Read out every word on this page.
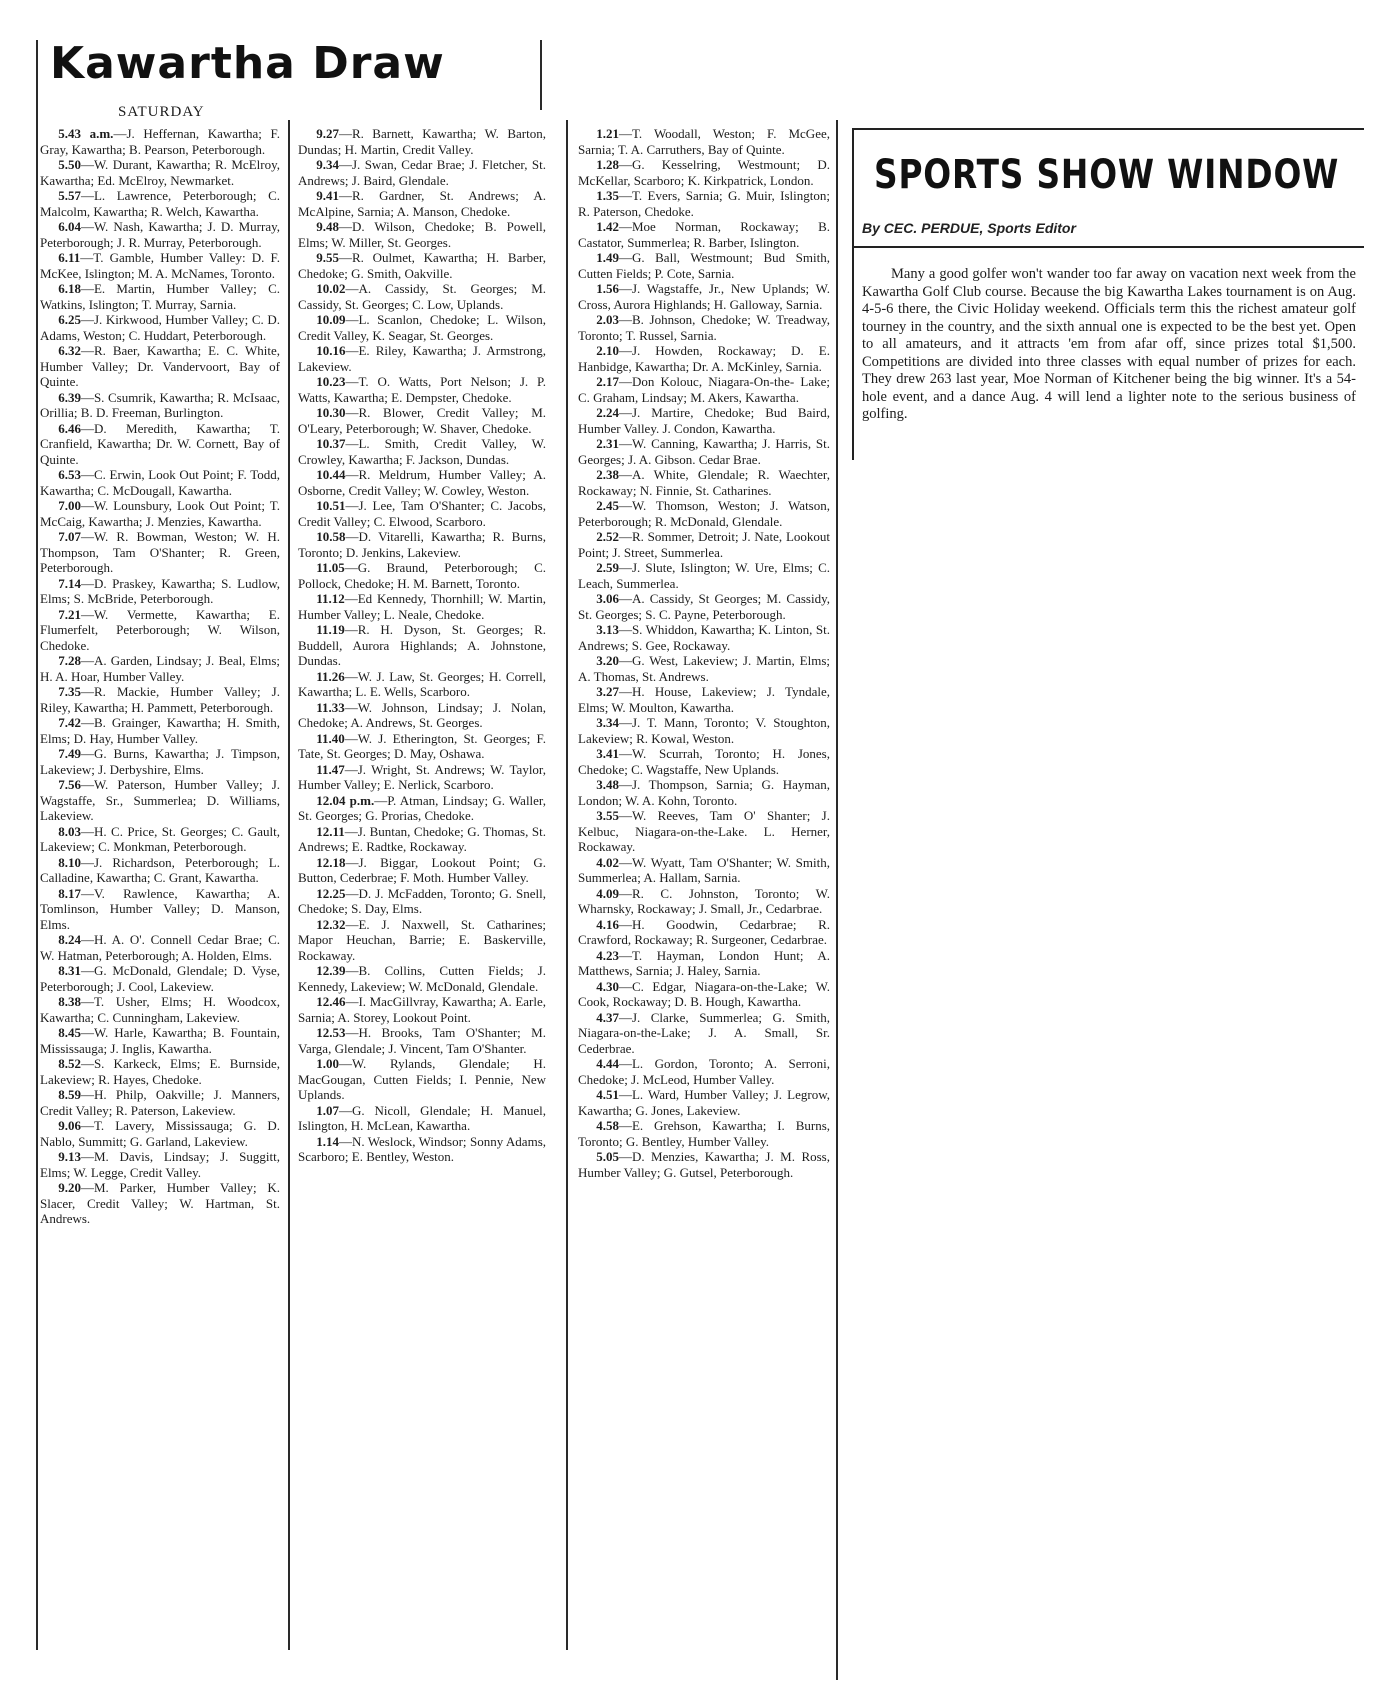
Kawartha Draw
SATURDAY

5.43 a.m.—J. Heffernan, Kawartha; F. Gray, Kawartha; B. Pearson, Peterborough.

5.50—W. Durant, Kawartha; R. McElroy, Kawartha; Ed. McElroy, Newmarket.

5.57—L. Lawrence, Peterborough; C. Malcolm, Kawartha; R. Welch, Kawartha.

6.04—W. Nash, Kawartha; J. D. Murray, Peterborough; J. R. Murray, Peterborough.

6.11—T. Gamble, Humber Valley: D. F. McKee, Islington; M. A. McNames, Toronto.

6.18—E. Martin, Humber Valley; C. Watkins, Islington; T. Murray, Sarnia.

6.25—J. Kirkwood, Humber Valley; C. D. Adams, Weston; C. Huddart, Peterborough.

6.32—R. Baer, Kawartha; E. C. White, Humber Valley; Dr. Vandervoort, Bay of Quinte.

6.39—S. Csumrik, Kawartha; R. McIsaac, Orillia; B. D. Freeman, Burlington.

6.46—D. Meredith, Kawartha; T. Cranfield, Kawartha; Dr. W. Cornett, Bay of Quinte.

6.53—C. Erwin, Look Out Point; F. Todd, Kawartha; C. McDougall, Kawartha.

7.00—W. Lounsbury, Look Out Point; T. McCaig, Kawartha; J. Menzies, Kawartha.

7.07—W. R. Bowman, Weston; W. H. Thompson, Tam O'Shanter; R. Green, Peterborough.

7.14—D. Praskey, Kawartha; S. Ludlow, Elms; S. McBride, Peterborough.

7.21—W. Vermette, Kawartha; E. Flumerfelt, Peterborough; W. Wilson, Chedoke.

7.28—A. Garden, Lindsay; J. Beal, Elms; H. A. Hoar, Humber Valley.

7.35—R. Mackie, Humber Valley; J. Riley, Kawartha; H. Pammett, Peterborough.

7.42—B. Grainger, Kawartha; H. Smith, Elms; D. Hay, Humber Valley.

7.49—G. Burns, Kawartha; J. Timpson, Lakeview; J. Derbyshire, Elms.

7.56—W. Paterson, Humber Valley; J. Wagstaffe, Sr., Summerlea; D. Williams, Lakeview.

8.03—H. C. Price, St. Georges; C. Gault, Lakeview; C. Monkman, Peterborough.

8.10—J. Richardson, Peterborough; L. Calladine, Kawartha; C. Grant, Kawartha.

8.17—V. Rawlence, Kawartha; A. Tomlinson, Humber Valley; D. Manson, Elms.

8.24—H. A. O'. Connell Cedar Brae; C. W. Hatman, Peterborough; A. Holden, Elms.

8.31—G. McDonald, Glendale; D. Vyse, Peterborough; J. Cool, Lakeview.

8.38—T. Usher, Elms; H. Woodcox, Kawartha; C. Cunningham, Lakeview.

8.45—W. Harle, Kawartha; B. Fountain, Mississauga; J. Inglis, Kawartha.

8.52—S. Karkeck, Elms; E. Burnside, Lakeview; R. Hayes, Chedoke.

8.59—H. Philp, Oakville; J. Manners, Credit Valley; R. Paterson, Lakeview.

9.06—T. Lavery, Mississauga; G. D. Nablo, Summitt; G. Garland, Lakeview.

9.13—M. Davis, Lindsay; J. Suggitt, Elms; W. Legge, Credit Valley.

9.20—M. Parker, Humber Valley; K. Slacer, Credit Valley; W. Hartman, St. Andrews.

9.27—R. Barnett, Kawartha; W. Barton, Dundas; H. Martin, Credit Valley.

9.34—J. Swan, Cedar Brae; J. Fletcher, St. Andrews; J. Baird, Glendale.

9.41—R. Gardner, St. Andrews; A. McAlpine, Sarnia; A. Manson, Chedoke.

9.48—D. Wilson, Chedoke; B. Powell, Elms; W. Miller, St. Georges.

9.55—R. Oulmet, Kawartha; H. Barber, Chedoke; G. Smith, Oakville.

10.02—A. Cassidy, St. Georges; M. Cassidy, St. Georges; C. Low, Uplands.

10.09—L. Scanlon, Chedoke; L. Wilson, Credit Valley, K. Seagar, St. Georges.

10.16—E. Riley, Kawartha; J. Armstrong, Lakeview.

10.23—T. O. Watts, Port Nelson; J. P. Watts, Kawartha; E. Dempster, Chedoke.

10.30—R. Blower, Credit Valley; M. O'Leary, Peterborough; W. Shaver, Chedoke.

10.37—L. Smith, Credit Valley, W. Crowley, Kawartha; F. Jackson, Dundas.

10.44—R. Meldrum, Humber Valley; A. Osborne, Credit Valley; W. Cowley, Weston.

10.51—J. Lee, Tam O'Shanter; C. Jacobs, Credit Valley; C. Elwood, Scarboro.

10.58—D. Vitarelli, Kawartha; R. Burns, Toronto; D. Jenkins, Lakeview.

11.05—G. Braund, Peterborough; C. Pollock, Chedoke; H. M. Barnett, Toronto.

11.12—Ed Kennedy, Thornhill; W. Martin, Humber Valley; L. Neale, Chedoke.

11.19—R. H. Dyson, St. Georges; R. Buddell, Aurora Highlands; A. Johnstone, Dundas.

11.26—W. J. Law, St. Georges; H. Correll, Kawartha; L. E. Wells, Scarboro.

11.33—W. Johnson, Lindsay; J. Nolan, Chedoke; A. Andrews, St. Georges.

11.40—W. J. Etherington, St. Georges; F. Tate, St. Georges; D. May, Oshawa.

11.47—J. Wright, St. Andrews; W. Taylor, Humber Valley; E. Nerlick, Scarboro.

12.04 p.m.—P. Atman, Lindsay; G. Waller, St. Georges; G. Prorias, Chedoke.

12.11—J. Buntan, Chedoke; G. Thomas, St. Andrews; E. Radtke, Rockaway.

12.18—J. Biggar, Lookout Point; G. Button, Cederbrae; F. Moth. Humber Valley.

12.25—D. J. McFadden, Toronto; G. Snell, Chedoke; S. Day, Elms.

12.32—E. J. Naxwell, St. Catharines; Mapor Heuchan, Barrie; E. Baskerville, Rockaway.

12.39—B. Collins, Cutten Fields; J. Kennedy, Lakeview; W. McDonald, Glendale.

12.46—I. MacGillvray, Kawartha; A. Earle, Sarnia; A. Storey, Lookout Point.

12.53—H. Brooks, Tam O'Shanter; M. Varga, Glendale; J. Vincent, Tam O'Shanter.

1.00—W. Rylands, Glendale; H. MacGougan, Cutten Fields; I. Pennie, New Uplands.

1.07—G. Nicoll, Glendale; H. Manuel, Islington, H. McLean, Kawartha.

1.14—N. Weslock, Windsor; Sonny Adams, Scarboro; E. Bentley, Weston.

1.21—T. Woodall, Weston; F. McGee, Sarnia; T. A. Carruthers, Bay of Quinte.

1.28—G. Kesselring, Westmount; D. McKellar, Scarboro; K. Kirkpatrick, London.

1.35—T. Evers, Sarnia; G. Muir, Islington; R. Paterson, Chedoke.

1.42—Moe Norman, Rockaway; B. Castator, Summerlea; R. Barber, Islington.

1.49—G. Ball, Westmount; Bud Smith, Cutten Fields; P. Cote, Sarnia.

1.56—J. Wagstaffe, Jr., New Uplands; W. Cross, Aurora Highlands; H. Galloway, Sarnia.

2.03—B. Johnson, Chedoke; W. Treadway, Toronto; T. Russel, Sarnia.

2.10—J. Howden, Rockaway; D. E. Hanbidge, Kawartha; Dr. A. McKinley, Sarnia.

2.17—Don Kolouc, Niagara-On-the- Lake; C. Graham, Lindsay; M. Akers, Kawartha.

2.24—J. Martire, Chedoke; Bud Baird, Humber Valley. J. Condon, Kawartha.

2.31—W. Canning, Kawartha; J. Harris, St. Georges; J. A. Gibson. Cedar Brae.

2.38—A. White, Glendale; R. Waechter, Rockaway; N. Finnie, St. Catharines.

2.45—W. Thomson, Weston; J. Watson, Peterborough; R. McDonald, Glendale.

2.52—R. Sommer, Detroit; J. Nate, Lookout Point; J. Street, Summerlea.

2.59—J. Slute, Islington; W. Ure, Elms; C. Leach, Summerlea.

3.06—A. Cassidy, St Georges; M. Cassidy, St. Georges; S. C. Payne, Peterborough.

3.13—S. Whiddon, Kawartha; K. Linton, St. Andrews; S. Gee, Rockaway.

3.20—G. West, Lakeview; J. Martin, Elms; A. Thomas, St. Andrews.

3.27—H. House, Lakeview; J. Tyndale, Elms; W. Moulton, Kawartha.

3.34—J. T. Mann, Toronto; V. Stoughton, Lakeview; R. Kowal, Weston.

3.41—W. Scurrah, Toronto; H. Jones, Chedoke; C. Wagstaffe, New Uplands.

3.48—J. Thompson, Sarnia; G. Hayman, London; W. A. Kohn, Toronto.

3.55—W. Reeves, Tam O' Shanter; J. Kelbuc, Niagara-on-the-Lake. L. Herner, Rockaway.

4.02—W. Wyatt, Tam O'Shanter; W. Smith, Summerlea; A. Hallam, Sarnia.

4.09—R. C. Johnston, Toronto; W. Wharnsky, Rockaway; J. Small, Jr., Cedarbrae.

4.16—H. Goodwin, Cedarbrae; R. Crawford, Rockaway; R. Surgeoner, Cedarbrae.

4.23—T. Hayman, London Hunt; A. Matthews, Sarnia; J. Haley, Sarnia.

4.30—C. Edgar, Niagara-on-the-Lake; W. Cook, Rockaway; D. B. Hough, Kawartha.

4.37—J. Clarke, Summerlea; G. Smith, Niagara-on-the-Lake; J. A. Small, Sr. Cederbrae.

4.44—L. Gordon, Toronto; A. Serroni, Chedoke; J. McLeod, Humber Valley.

4.51—L. Ward, Humber Valley; J. Legrow, Kawartha; G. Jones, Lakeview.

4.58—E. Grehson, Kawartha; I. Burns, Toronto; G. Bentley, Humber Valley.

5.05—D. Menzies, Kawartha; J. M. Ross, Humber Valley; G. Gutsel, Peterborough.

SPORTS SHOW WINDOW
By CEC. PERDUE, Sports Editor
Many a good golfer won't wander too far away on vacation next week from the Kawartha Golf Club course. Because the big Kawartha Lakes tournament is on Aug. 4-5-6 there, the Civic Holiday weekend. Officials term this the richest amateur golf tourney in the country, and the sixth annual one is expected to be the best yet. Open to all amateurs, and it attracts 'em from afar off, since prizes total $1,500. Competitions are divided into three classes with equal number of prizes for each. They drew 263 last year, Moe Norman of Kitchener being the big winner. It's a 54-hole event, and a dance Aug. 4 will lend a lighter note to the serious business of golfing.
